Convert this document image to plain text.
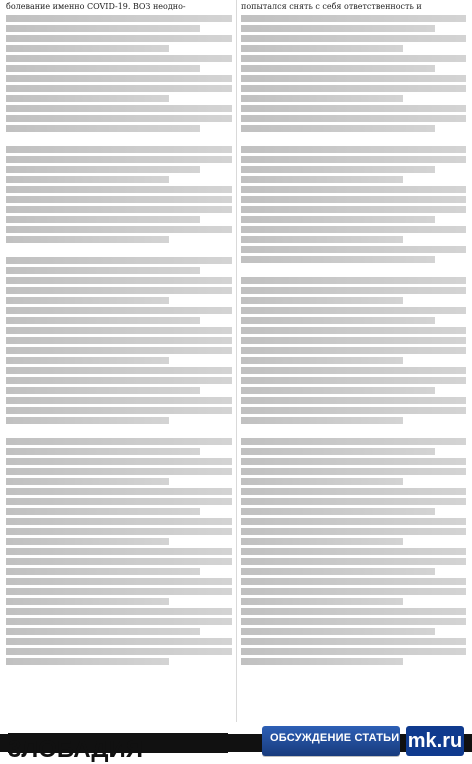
болевание именно COVID-19. ВОЗ неодно-	попытался снять с себя ответственность и
ОБСУЖДЕНИЕ СТАТЬИ mk.ru
3ЛОБАДИЯ
